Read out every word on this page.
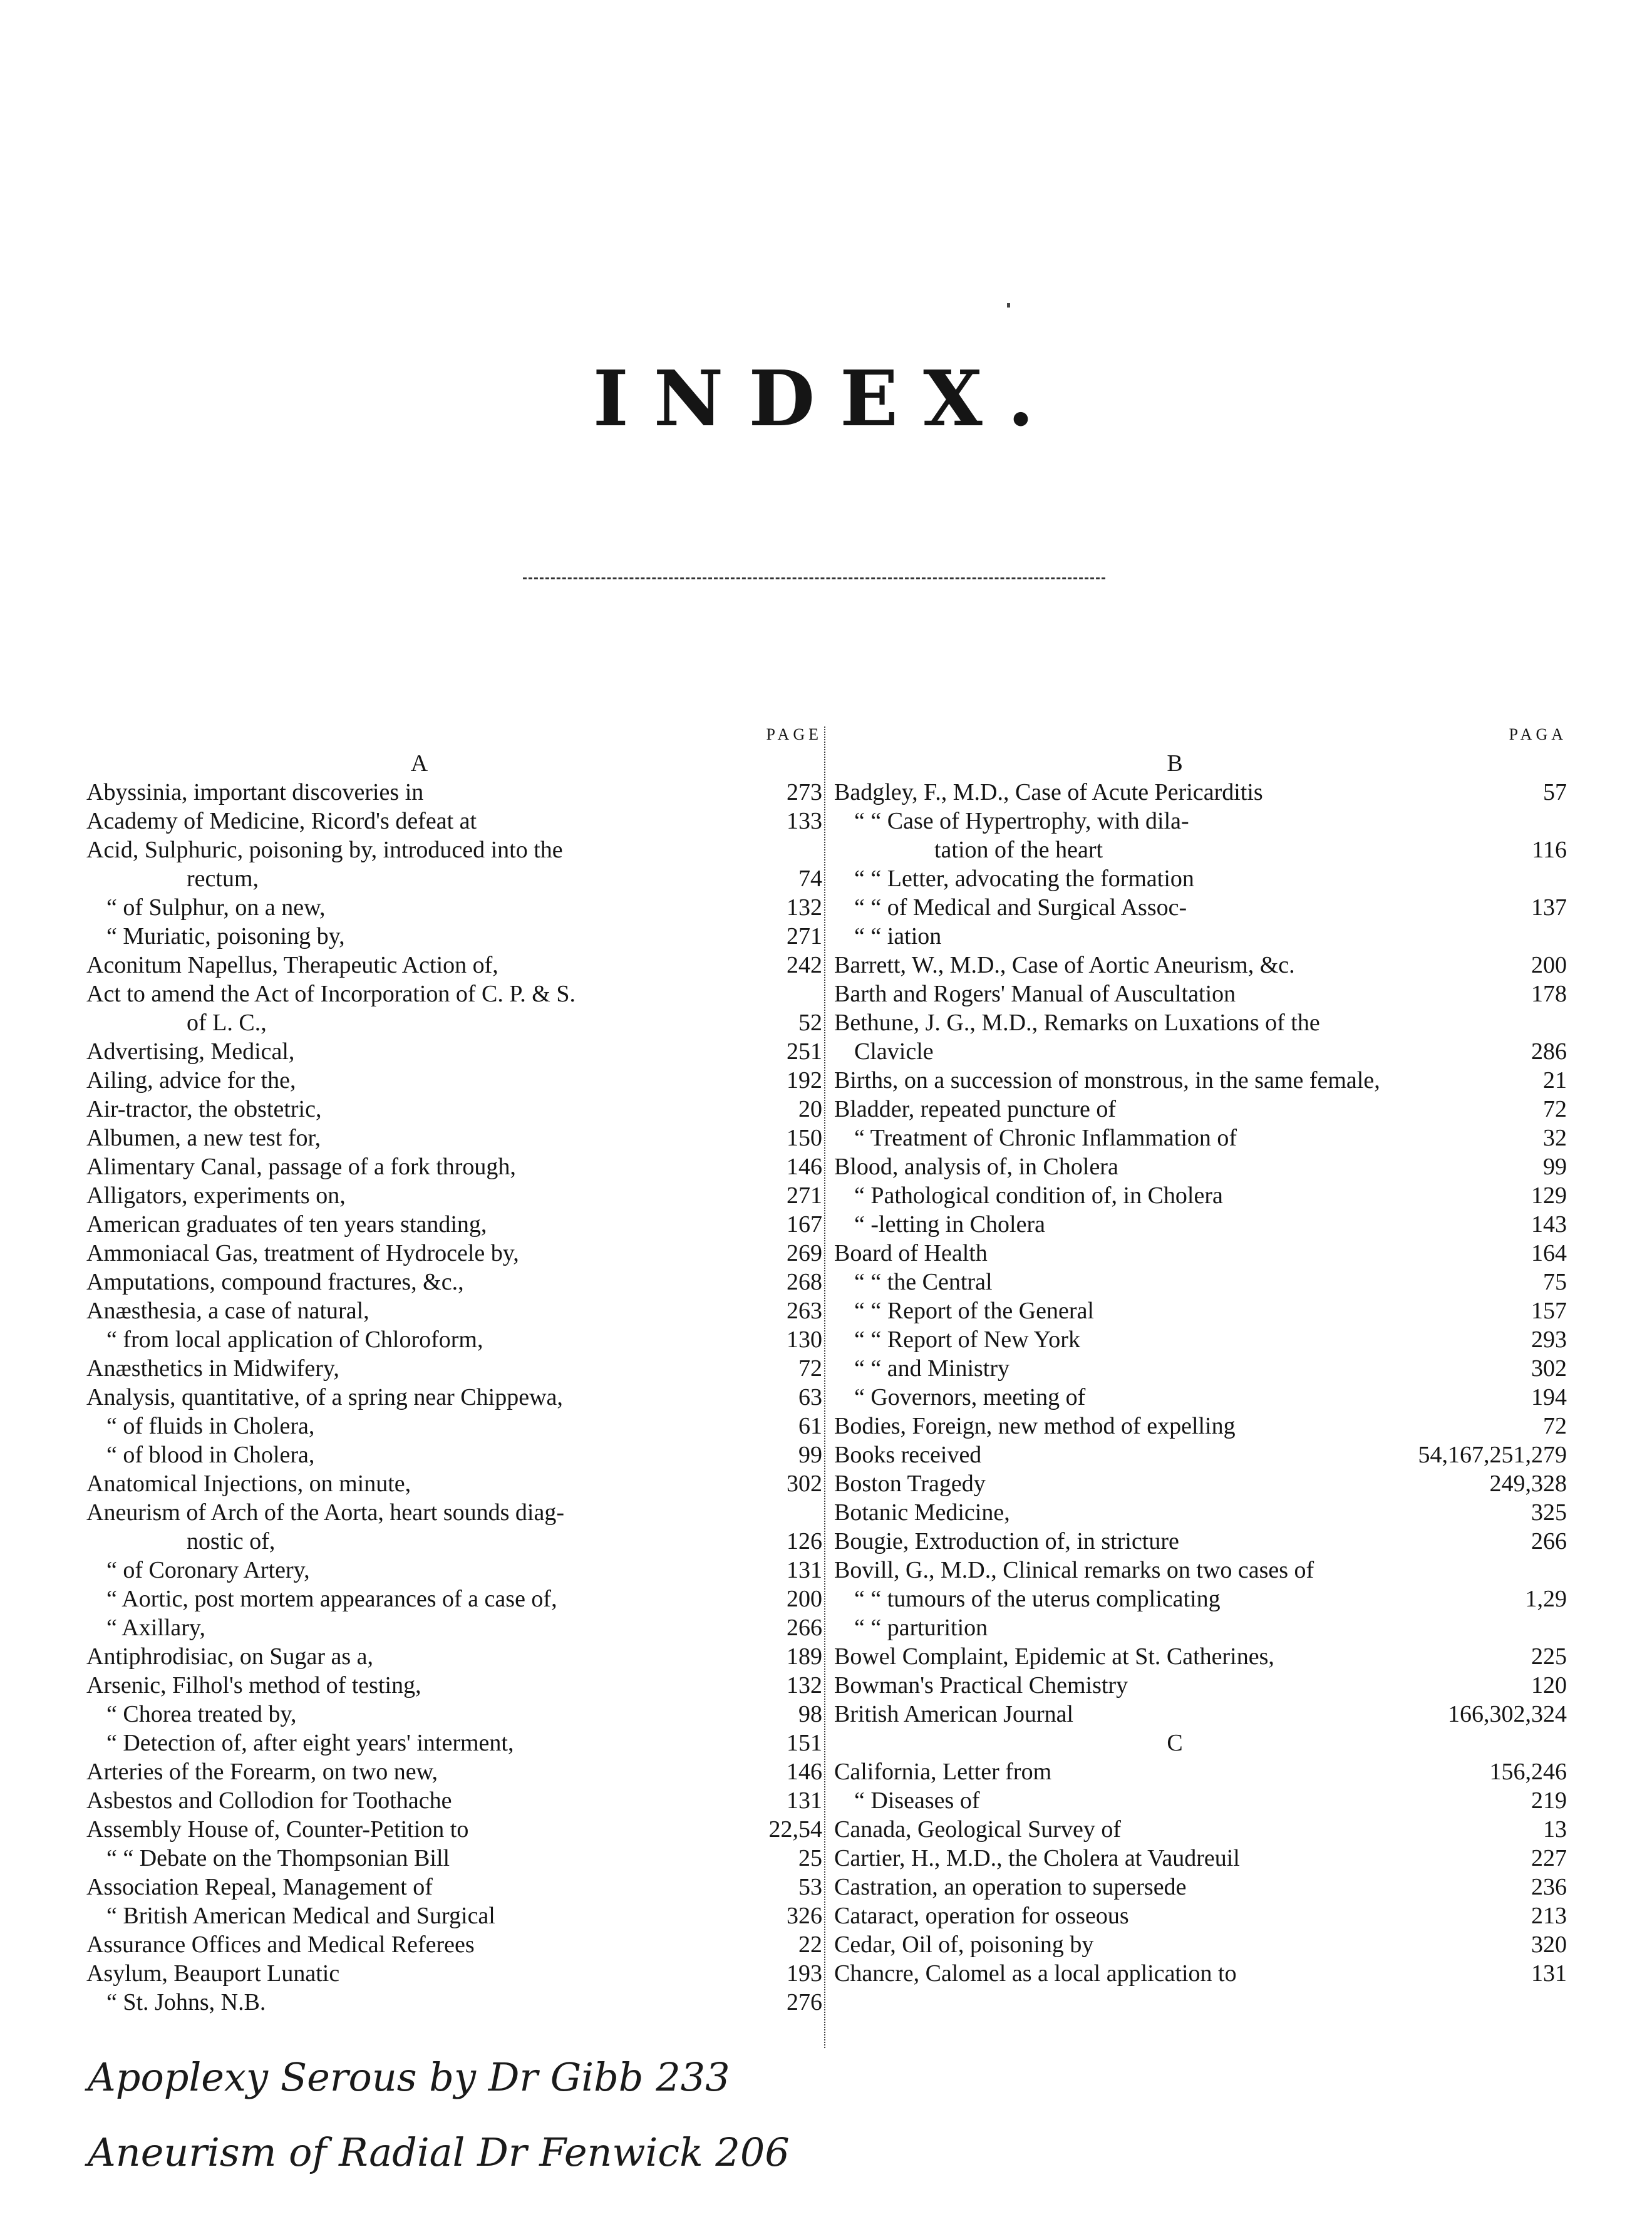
INDEX.
PAGE
A
Abyssinia, important discoveries in	273
Academy of Medicine, Ricord's defeat at	133
Acid, Sulphuric, poisoning by, introduced into the
rectum,	74
“ of Sulphur, on a new,	132
“ Muriatic, poisoning by,	271
Aconitum Napellus, Therapeutic Action of,	242
Act to amend the Act of Incorporation of C. P. & S.
of L. C.,	52
Advertising, Medical,	251
Ailing, advice for the,	192
Air-tractor, the obstetric,	20
Albumen, a new test for,	150
Alimentary Canal, passage of a fork through,	146
Alligators, experiments on,	271
American graduates of ten years standing,	167
Ammoniacal Gas, treatment of Hydrocele by,	269
Amputations, compound fractures, &c.,	268
Anæsthesia, a case of natural,	263
“ from local application of Chloroform,	130
Anæsthetics in Midwifery,	72
Analysis, quantitative, of a spring near Chippewa,	63
“ of fluids in Cholera,	61
“ of blood in Cholera,	99
Anatomical Injections, on minute,	302
Aneurism of Arch of the Aorta, heart sounds diag-
nostic of,	126
“ of Coronary Artery,	131
“ Aortic, post mortem appearances of a case of,	200
“ Axillary,	266
Antiphrodisiac, on Sugar as a,	189
Arsenic, Filhol's method of testing,	132
“ Chorea treated by,	98
“ Detection of, after eight years' interment,	151
Arteries of the Forearm, on two new,	146
Asbestos and Collodion for Toothache	131
Assembly House of, Counter-Petition to	22,54
“ “ Debate on the Thompsonian Bill	25
Association Repeal, Management of	53
“ British American Medical and Surgical	326
Assurance Offices and Medical Referees	22
Asylum, Beauport Lunatic	193
“ St. Johns, N.B.	276
PAGA
B
Badgley, F., M.D., Case of Acute Pericarditis	57
“ “ Case of Hypertrophy, with dila-
tation of the heart	116
“ “ Letter, advocating the formation
“ “ of Medical and Surgical Assoc-	137
“ “ iation
Barrett, W., M.D., Case of Aortic Aneurism, &c.	200
Barth and Rogers' Manual of Auscultation	178
Bethune, J. G., M.D., Remarks on Luxations of the
Clavicle	286
Births, on a succession of monstrous, in the same female,	21
Bladder, repeated puncture of	72
“ Treatment of Chronic Inflammation of	32
Blood, analysis of, in Cholera	99
“ Pathological condition of, in Cholera	129
“ -letting in Cholera	143
Board of Health	164
“ “ the Central	75
“ “ Report of the General	157
“ “ Report of New York	293
“ “ and Ministry	302
“ Governors, meeting of	194
Bodies, Foreign, new method of expelling	72
Books received	54,167,251,279
Boston Tragedy	249,328
Botanic Medicine,	325
Bougie, Extroduction of, in stricture	266
Bovill, G., M.D., Clinical remarks on two cases of
“ “ tumours of the uterus complicating	1,29
“ “ parturition
Bowel Complaint, Epidemic at St. Catherines,	225
Bowman's Practical Chemistry	120
British American Journal	166,302,324
C
California, Letter from	156,246
“ Diseases of	219
Canada, Geological Survey of	13
Cartier, H., M.D., the Cholera at Vaudreuil	227
Castration, an operation to supersede	236
Cataract, operation for osseous	213
Cedar, Oil of, poisoning by	320
Chancre, Calomel as a local application to	131
Apoplexy Serous by Dr Gibb 233
Aneurism of Radial Dr Fenwick 206
